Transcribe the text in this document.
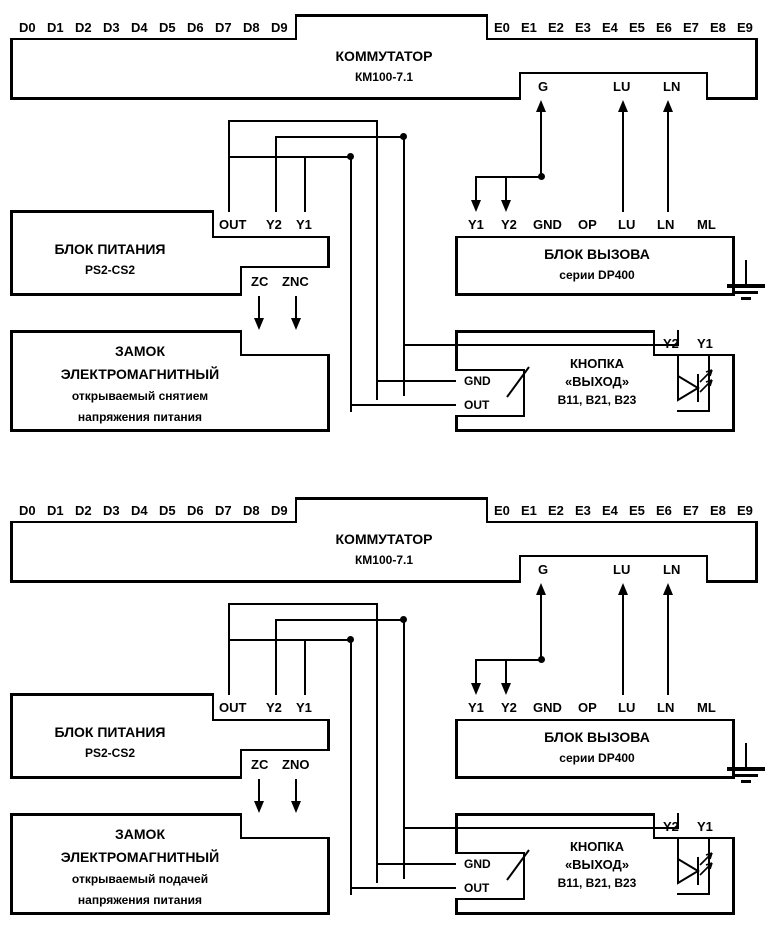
КОММУТАТОР
КМ100-7.1
D0 D1 D2 D3 D4 D5 D6 D7 D8 D9	E0 E1 E2 E3 E4 E5 E6 E7 E8 E9
G	LU	LN
БЛОК ПИТАНИЯ
PS2-CS2
OUT Y2 Y1
ZC ZNC
БЛОК ВЫЗОВА
серии DP400
Y1 Y2 GND OP LU LN ML
ЗАМОК
ЭЛЕКТРОМАГНИТНЫЙ
открываемый снятием
напряжения питания
КНОПКА
«ВЫХОД»
B11, B21, B23
Y1
GND
OUT
КОММУТАТОР
КМ100-7.1
D0 D1 D2 D3 D4 D5 D6 D7 D8 D9	E0 E1 E2 E3 E4 E5 E6 E7 E8 E9
G	LU	LN
БЛОК ПИТАНИЯ
PS2-CS2
OUT Y2 Y1
ZC ZNO
БЛОК ВЫЗОВА
серии DP400
Y1 Y2 GND OP LU LN ML
ЗАМОК
ЭЛЕКТРОМАГНИТНЫЙ
открываемый подачей
напряжения питания
КНОПКА
«ВЫХОД»
B11, B21, B23
Y1
GND
OUT
